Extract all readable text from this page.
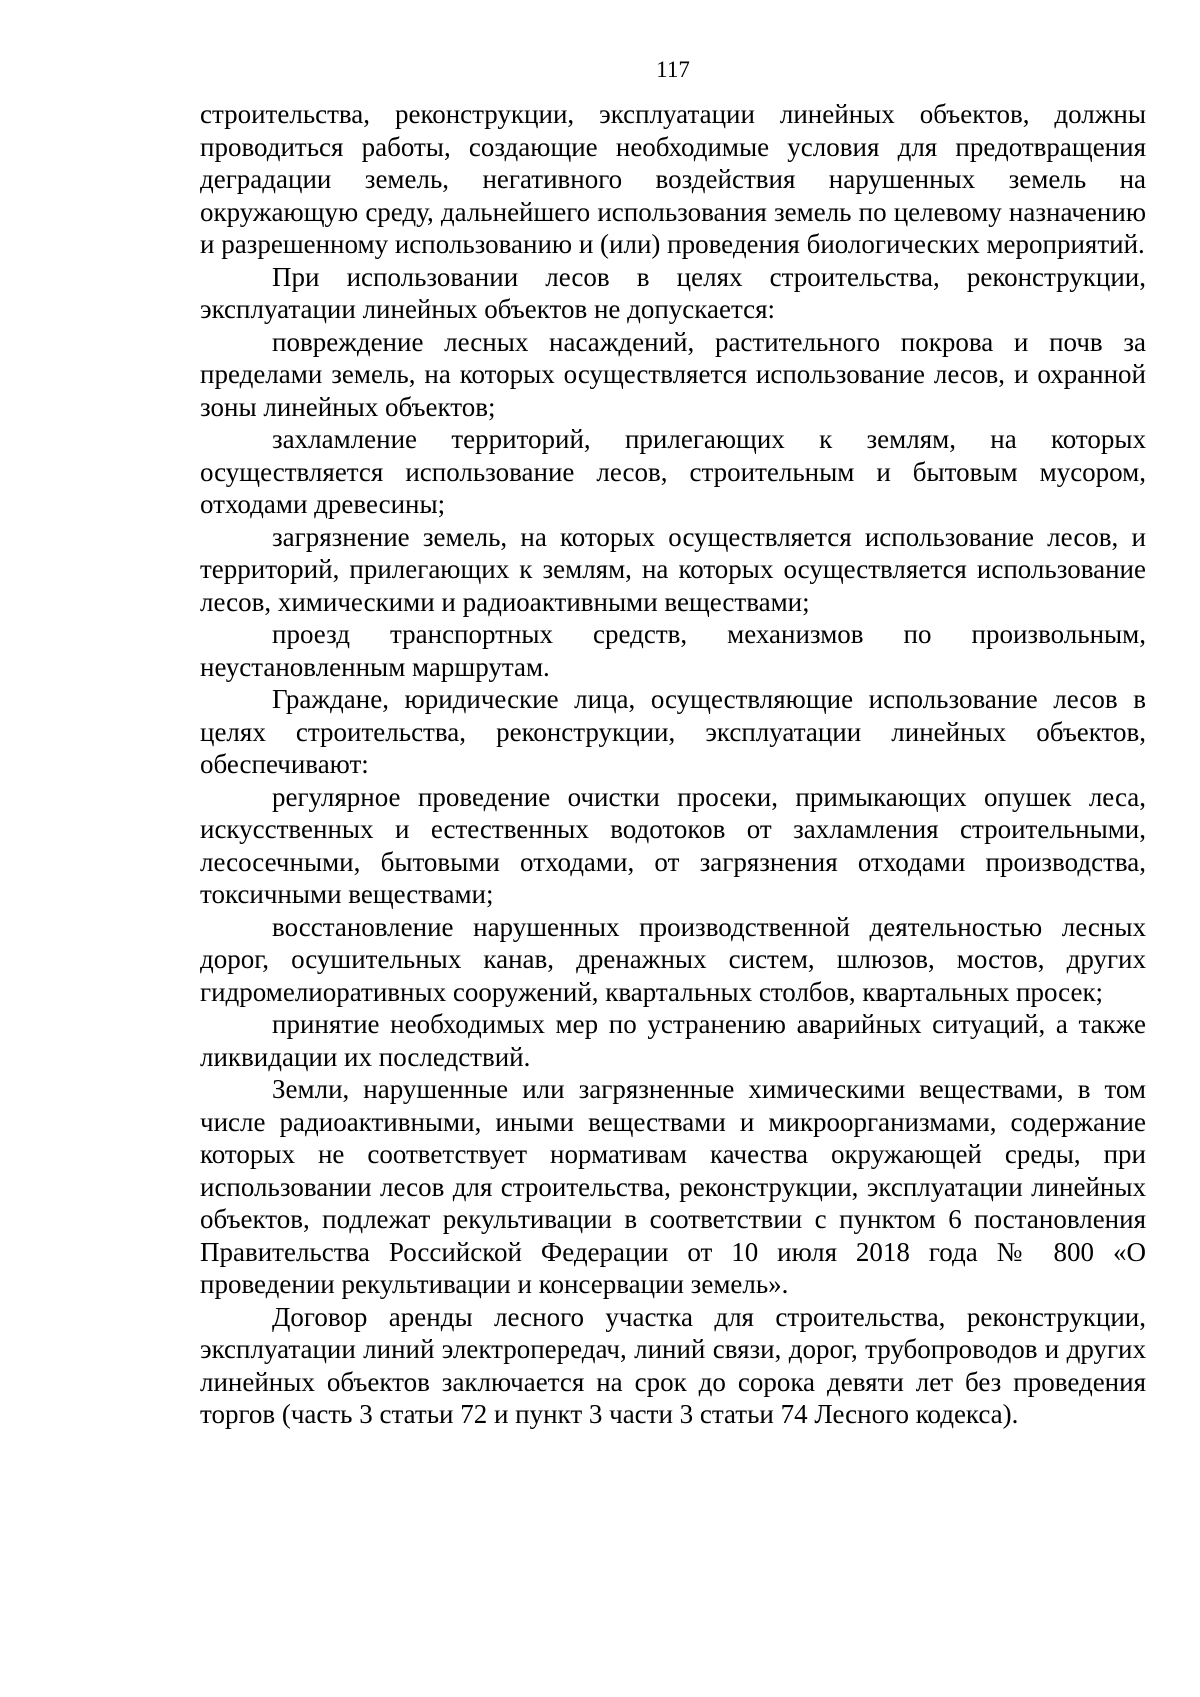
117

строительства, реконструкции, эксплуатации линейных объектов, должны проводиться работы, создающие необходимые условия для предотвращения деградации земель, негативного воздействия нарушенных земель на окружающую среду, дальнейшего использования земель по целевому назначению и разрешенному использованию и (или) проведения биологических мероприятий.

При использовании лесов в целях строительства, реконструкции, эксплуатации линейных объектов не допускается:

повреждение лесных насаждений, растительного покрова и почв за пределами земель, на которых осуществляется использование лесов, и охранной зоны линейных объектов;

захламление территорий, прилегающих к землям, на которых осуществляется использование лесов, строительным и бытовым мусором, отходами древесины;

загрязнение земель, на которых осуществляется использование лесов, и территорий, прилегающих к землям, на которых осуществляется использование лесов, химическими и радиоактивными веществами;

проезд транспортных средств, механизмов по произвольным, неустановленным маршрутам.

Граждане, юридические лица, осуществляющие использование лесов в целях строительства, реконструкции, эксплуатации линейных объектов, обеспечивают:

регулярное проведение очистки просеки, примыкающих опушек леса, искусственных и естественных водотоков от захламления строительными, лесосечными, бытовыми отходами, от загрязнения отходами производства, токсичными веществами;

восстановление нарушенных производственной деятельностью лесных дорог, осушительных канав, дренажных систем, шлюзов, мостов, других гидромелиоративных сооружений, квартальных столбов, квартальных просек;

принятие необходимых мер по устранению аварийных ситуаций, а также ликвидации их последствий.

Земли, нарушенные или загрязненные химическими веществами, в том числе радиоактивными, иными веществами и микроорганизмами, содержание которых не соответствует нормативам качества окружающей среды, при использовании лесов для строительства, реконструкции, эксплуатации линейных объектов, подлежат рекультивации в соответствии с пунктом 6 постановления Правительства Российской Федерации от 10 июля 2018 года № 800 «О проведении рекультивации и консервации земель».

Договор аренды лесного участка для строительства, реконструкции, эксплуатации линий электропередач, линий связи, дорог, трубопроводов и других линейных объектов заключается на срок до сорока девяти лет без проведения торгов (часть 3 статьи 72 и пункт 3 части 3 статьи 74 Лесного кодекса).
